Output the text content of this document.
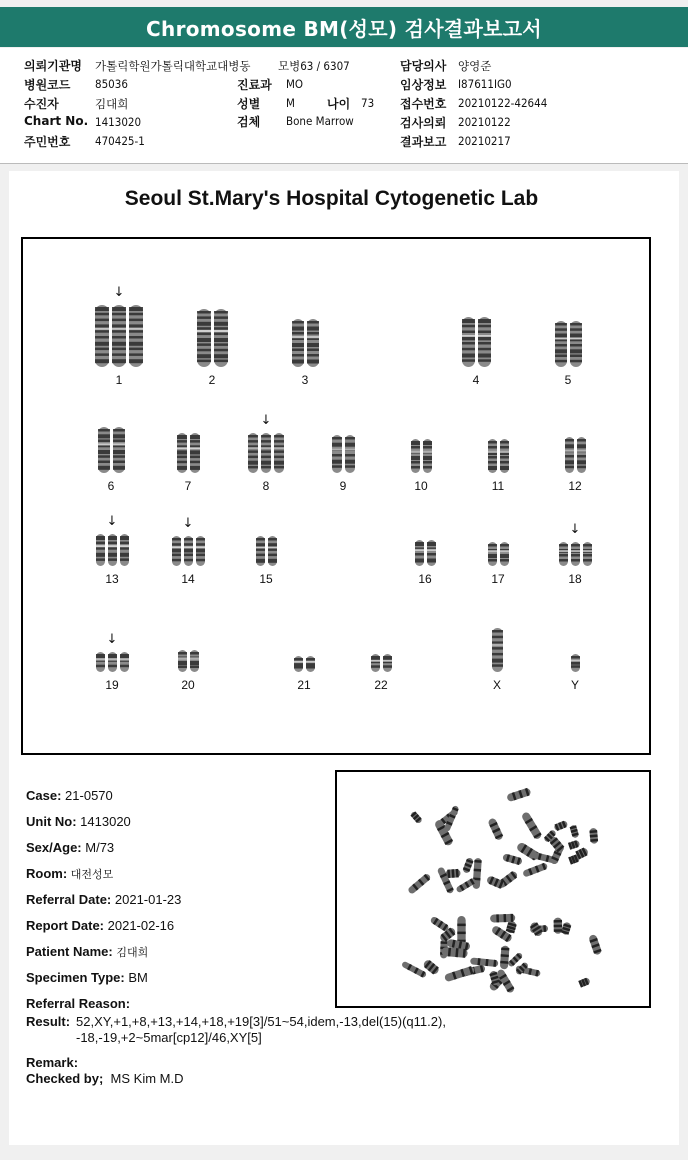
Chromosome BM(성모) 검사결과보고서
의뢰기관명 가톨릭학원가톨릭대학교대병동 모병63 / 6307	담당의사 양영준
병원코드 85036	진료과 MO	임상정보 I87611IG0
수진자	김대희	성별 M	나이 73 접수번호 20210122-42644
Chart No. 1413020	검체 Bone Marrow	검사의뢰 20210122
주민번호 470425-1	결과보고 20210217
Seoul St.Mary's Hospital Cytogenetic Lab
1
↓
2	3	4	5
6	7	8
↓
9	10	11	12
13
↓
14
↓
15	16	17	18
↓
19
↓
20	21	22	X	Y
Case: 21-0570
Unit No: 1413020
Sex/Age: M/73
Room: 대전성모
Referral Date: 2021-01-23
Report Date: 2021-02-16
Patient Name: 김대희
Specimen Type: BM
Referral Reason:
Result: 52,XY,+1,+8,+13,+14,+18,+19[3]/51~54,idem,-13,del(15)(q11.2),
-18,-19,+2~5mar[cp12]/46,XY[5]
Remark:
Checked by; MS Kim M.D
